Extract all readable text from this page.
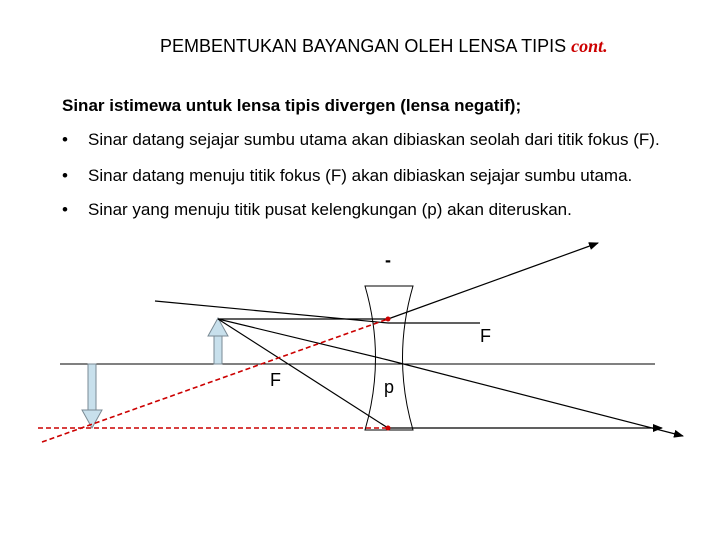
PEMBENTUKAN BAYANGAN OLEH LENSA TIPIS cont.
Sinar istimewa untuk lensa tipis divergen (lensa negatif);
•	Sinar datang sejajar sumbu utama akan dibiaskan seolah dari titik fokus (F).
•	Sinar datang menuju titik fokus (F) akan dibiaskan sejajar sumbu utama.
•	Sinar yang menuju titik pusat kelengkungan (p) akan diteruskan.
-
F
F	p
